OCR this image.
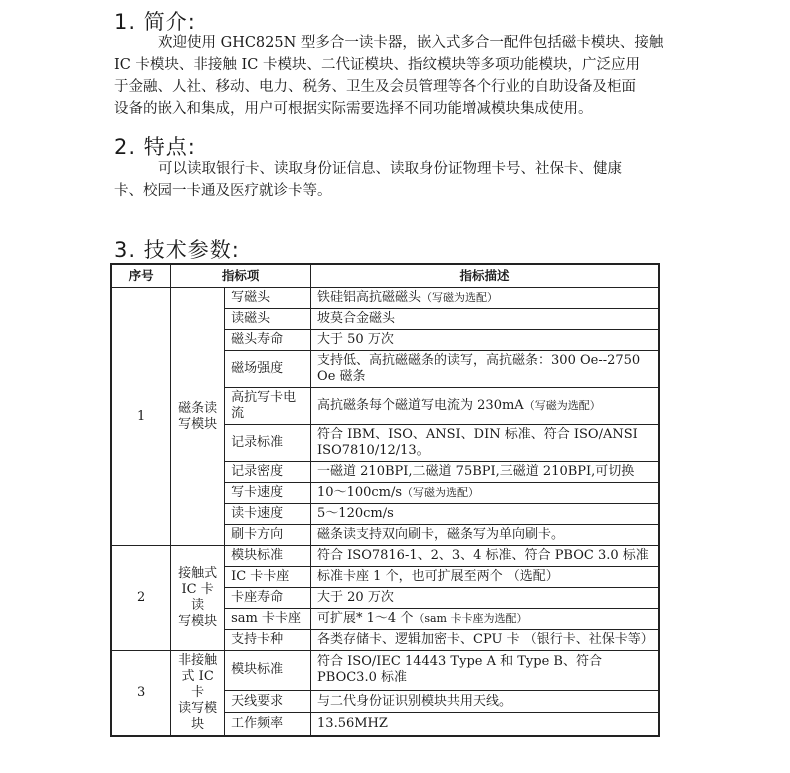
1. 简介:
欢迎使用 GHC825N 型多合一读卡器，嵌入式多合一配件包括磁卡模块、接触
IC 卡模块、非接触 IC 卡模块、二代证模块、指纹模块等多项功能模块，广泛应用
于金融、人社、移动、电力、税务、卫生及会员管理等各个行业的自助设备及柜面
设备的嵌入和集成，用户可根据实际需要选择不同功能增减模块集成使用。
2. 特点:
可以读取银行卡、读取身份证信息、读取身份证物理卡号、社保卡、健康
卡、校园一卡通及医疗就诊卡等。
3. 技术参数:
序号	指标项		指标描述
1	磁条读
写模块	写磁头	铁硅铝高抗磁磁头（写磁为选配）
		读磁头	坡莫合金磁头
		磁头寿命	大于 50 万次
		磁场强度	支持低、高抗磁磁条的读写，高抗磁条：300 Oe--2750 Oe 磁条
		高抗写卡电流	高抗磁条每个磁道写电流为 230mA（写磁为选配）
		记录标准	符合 IBM、ISO、ANSI、DIN 标准、符合 ISO/ANSI ISO7810/12/13。
		记录密度	一磁道 210BPI,二磁道 75BPI,三磁道 210BPI,可切换
		写卡速度	10～100cm/s（写磁为选配）
		读卡速度	5～120cm/s
		刷卡方向	磁条读支持双向刷卡，磁条写为单向刷卡。
2	接触式
IC 卡读
写模块	模块标准	符合 ISO7816-1、2、3、4 标准、符合 PBOC 3.0 标准
		IC 卡卡座	标准卡座 1 个，也可扩展至两个 （选配）
		卡座寿命	大于 20 万次
		sam 卡卡座	可扩展* 1～4 个（sam 卡卡座为选配）
		支持卡种	各类存储卡、逻辑加密卡、CPU 卡 （银行卡、社保卡等）
3	非接触
式 IC 卡
读写模
块	模块标准	符合 ISO/IEC 14443 Type A 和 Type B、符合 PBOC3.0 标准
		天线要求	与二代身份证识别模块共用天线。
		工作频率	13.56MHZ
